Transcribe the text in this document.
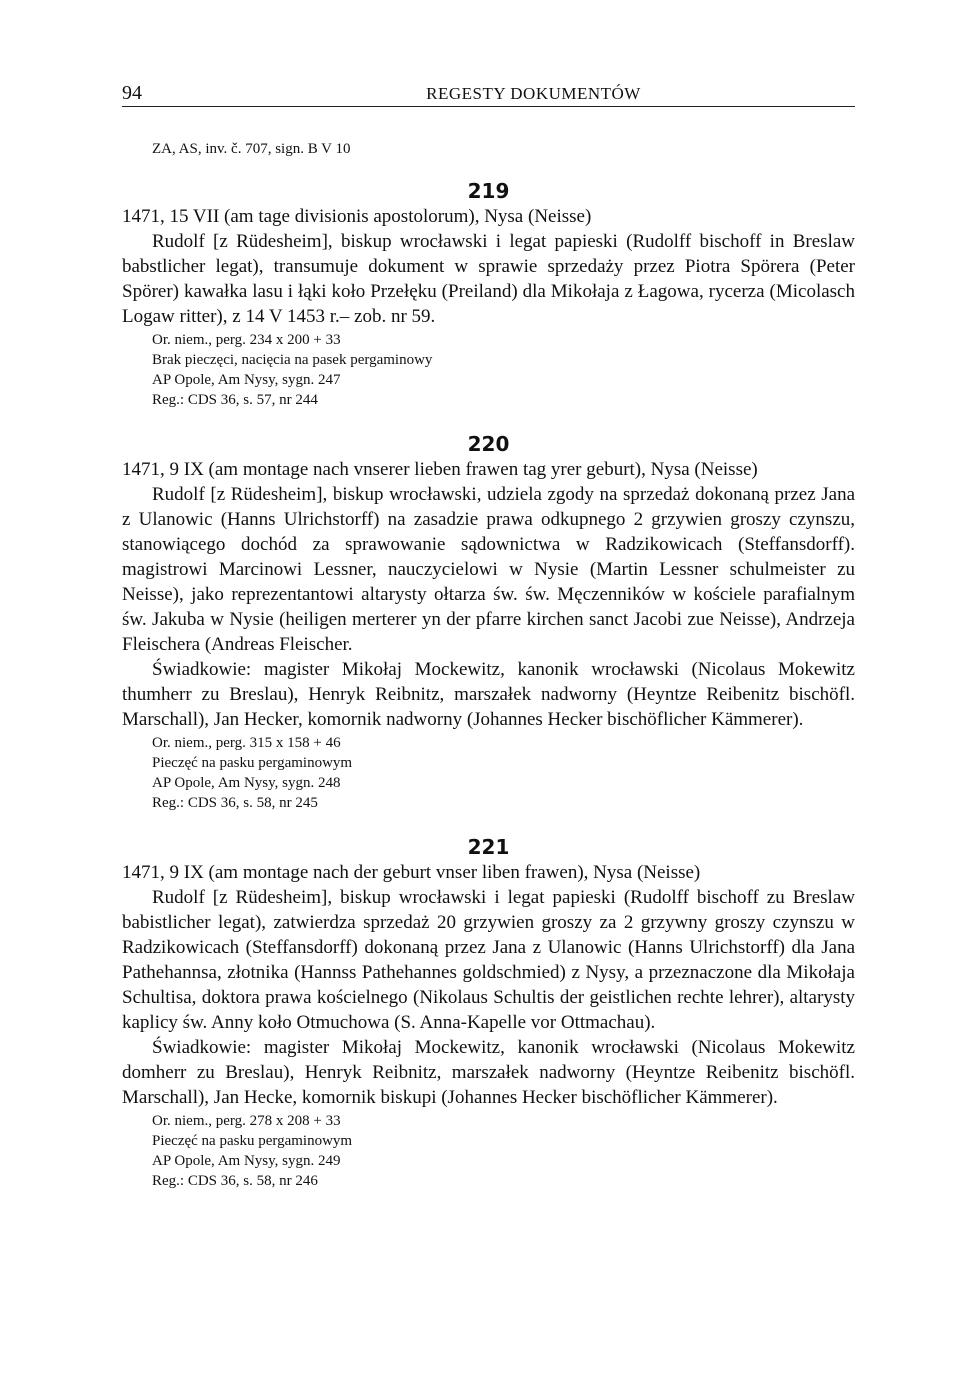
94	REGESTY DOKUMENTÓW
ZA, AS, inv. č. 707, sign. B V 10
219
1471, 15 VII (am tage divisionis apostolorum), Nysa (Neisse)

Rudolf [z Rüdesheim], biskup wrocławski i legat papieski (Rudolff bischoff in Breslaw babstlicher legat), transumuje dokument w sprawie sprzedaży przez Piotra Spörera (Peter Spörer) kawałka lasu i łąki koło Przełęku (Preiland) dla Mikołaja z Łagowa, rycerza (Micolasch Logaw ritter), z 14 V 1453 r.– zob. nr 59.

Or. niem., perg. 234 x 200 + 33
Brak pieczęci, nacięcia na pasek pergaminowy
AP Opole, Am Nysy, sygn. 247
Reg.: CDS 36, s. 57, nr 244
220
1471, 9 IX (am montage nach vnserer lieben frawen tag yrer geburt), Nysa (Neisse)

Rudolf [z Rüdesheim], biskup wrocławski, udziela zgody na sprzedaż dokonaną przez Jana z Ulanowic (Hanns Ulrichstorff) na zasadzie prawa odkupnego 2 grzywien groszy czynszu, stanowiącego dochód za sprawowanie sądownictwa w Radzikowicach (Steffansdorff). magistrowi Marcinowi Lessner, nauczycielowi w Nysie (Martin Lessner schulmeister zu Neisse), jako reprezentantowi altarysty ołtarza św. św. Męczenników w kościele parafialnym św. Jakuba w Nysie (heiligen merterer yn der pfarre kirchen sanct Jacobi zue Neisse), Andrzeja Fleischera (Andreas Fleischer.

Świadkowie: magister Mikołaj Mockewitz, kanonik wrocławski (Nicolaus Mokewitz thumherr zu Breslau), Henryk Reibnitz, marszałek nadworny (Heyntze Reibenitz bischöfl. Marschall), Jan Hecker, komornik nadworny (Johannes Hecker bischöflicher Kämmerer).

Or. niem., perg. 315 x 158 + 46
Pieczęć na pasku pergaminowym
AP Opole, Am Nysy, sygn. 248
Reg.: CDS 36, s. 58, nr 245
221
1471, 9 IX (am montage nach der geburt vnser liben frawen), Nysa (Neisse)

Rudolf [z Rüdesheim], biskup wrocławski i legat papieski (Rudolff bischoff zu Breslaw babistlicher legat), zatwierdza sprzedaż 20 grzywien groszy za 2 grzywny groszy czynszu w Radzikowicach (Steffansdorff) dokonaną przez Jana z Ulanowic (Hanns Ulrichstorff) dla Jana Pathehannsa, złotnika (Hannss Pathehannes goldschmied) z Nysy, a przeznaczone dla Mikołaja Schultisa, doktora prawa kościelnego (Nikolaus Schultis der geistlichen rechte lehrer), altarysty kaplicy św. Anny koło Otmuchowa (S. Anna-Kapelle vor Ottmachau).

Świadkowie: magister Mikołaj Mockewitz, kanonik wrocławski (Nicolaus Mokewitz domherr zu Breslau), Henryk Reibnitz, marszałek nadworny (Heyntze Reibenitz bischöfl. Marschall), Jan Hecke, komornik biskupi (Johannes Hecker bischöflicher Kämmerer).

Or. niem., perg. 278 x 208 + 33
Pieczęć na pasku pergaminowym
AP Opole, Am Nysy, sygn. 249
Reg.: CDS 36, s. 58, nr 246
